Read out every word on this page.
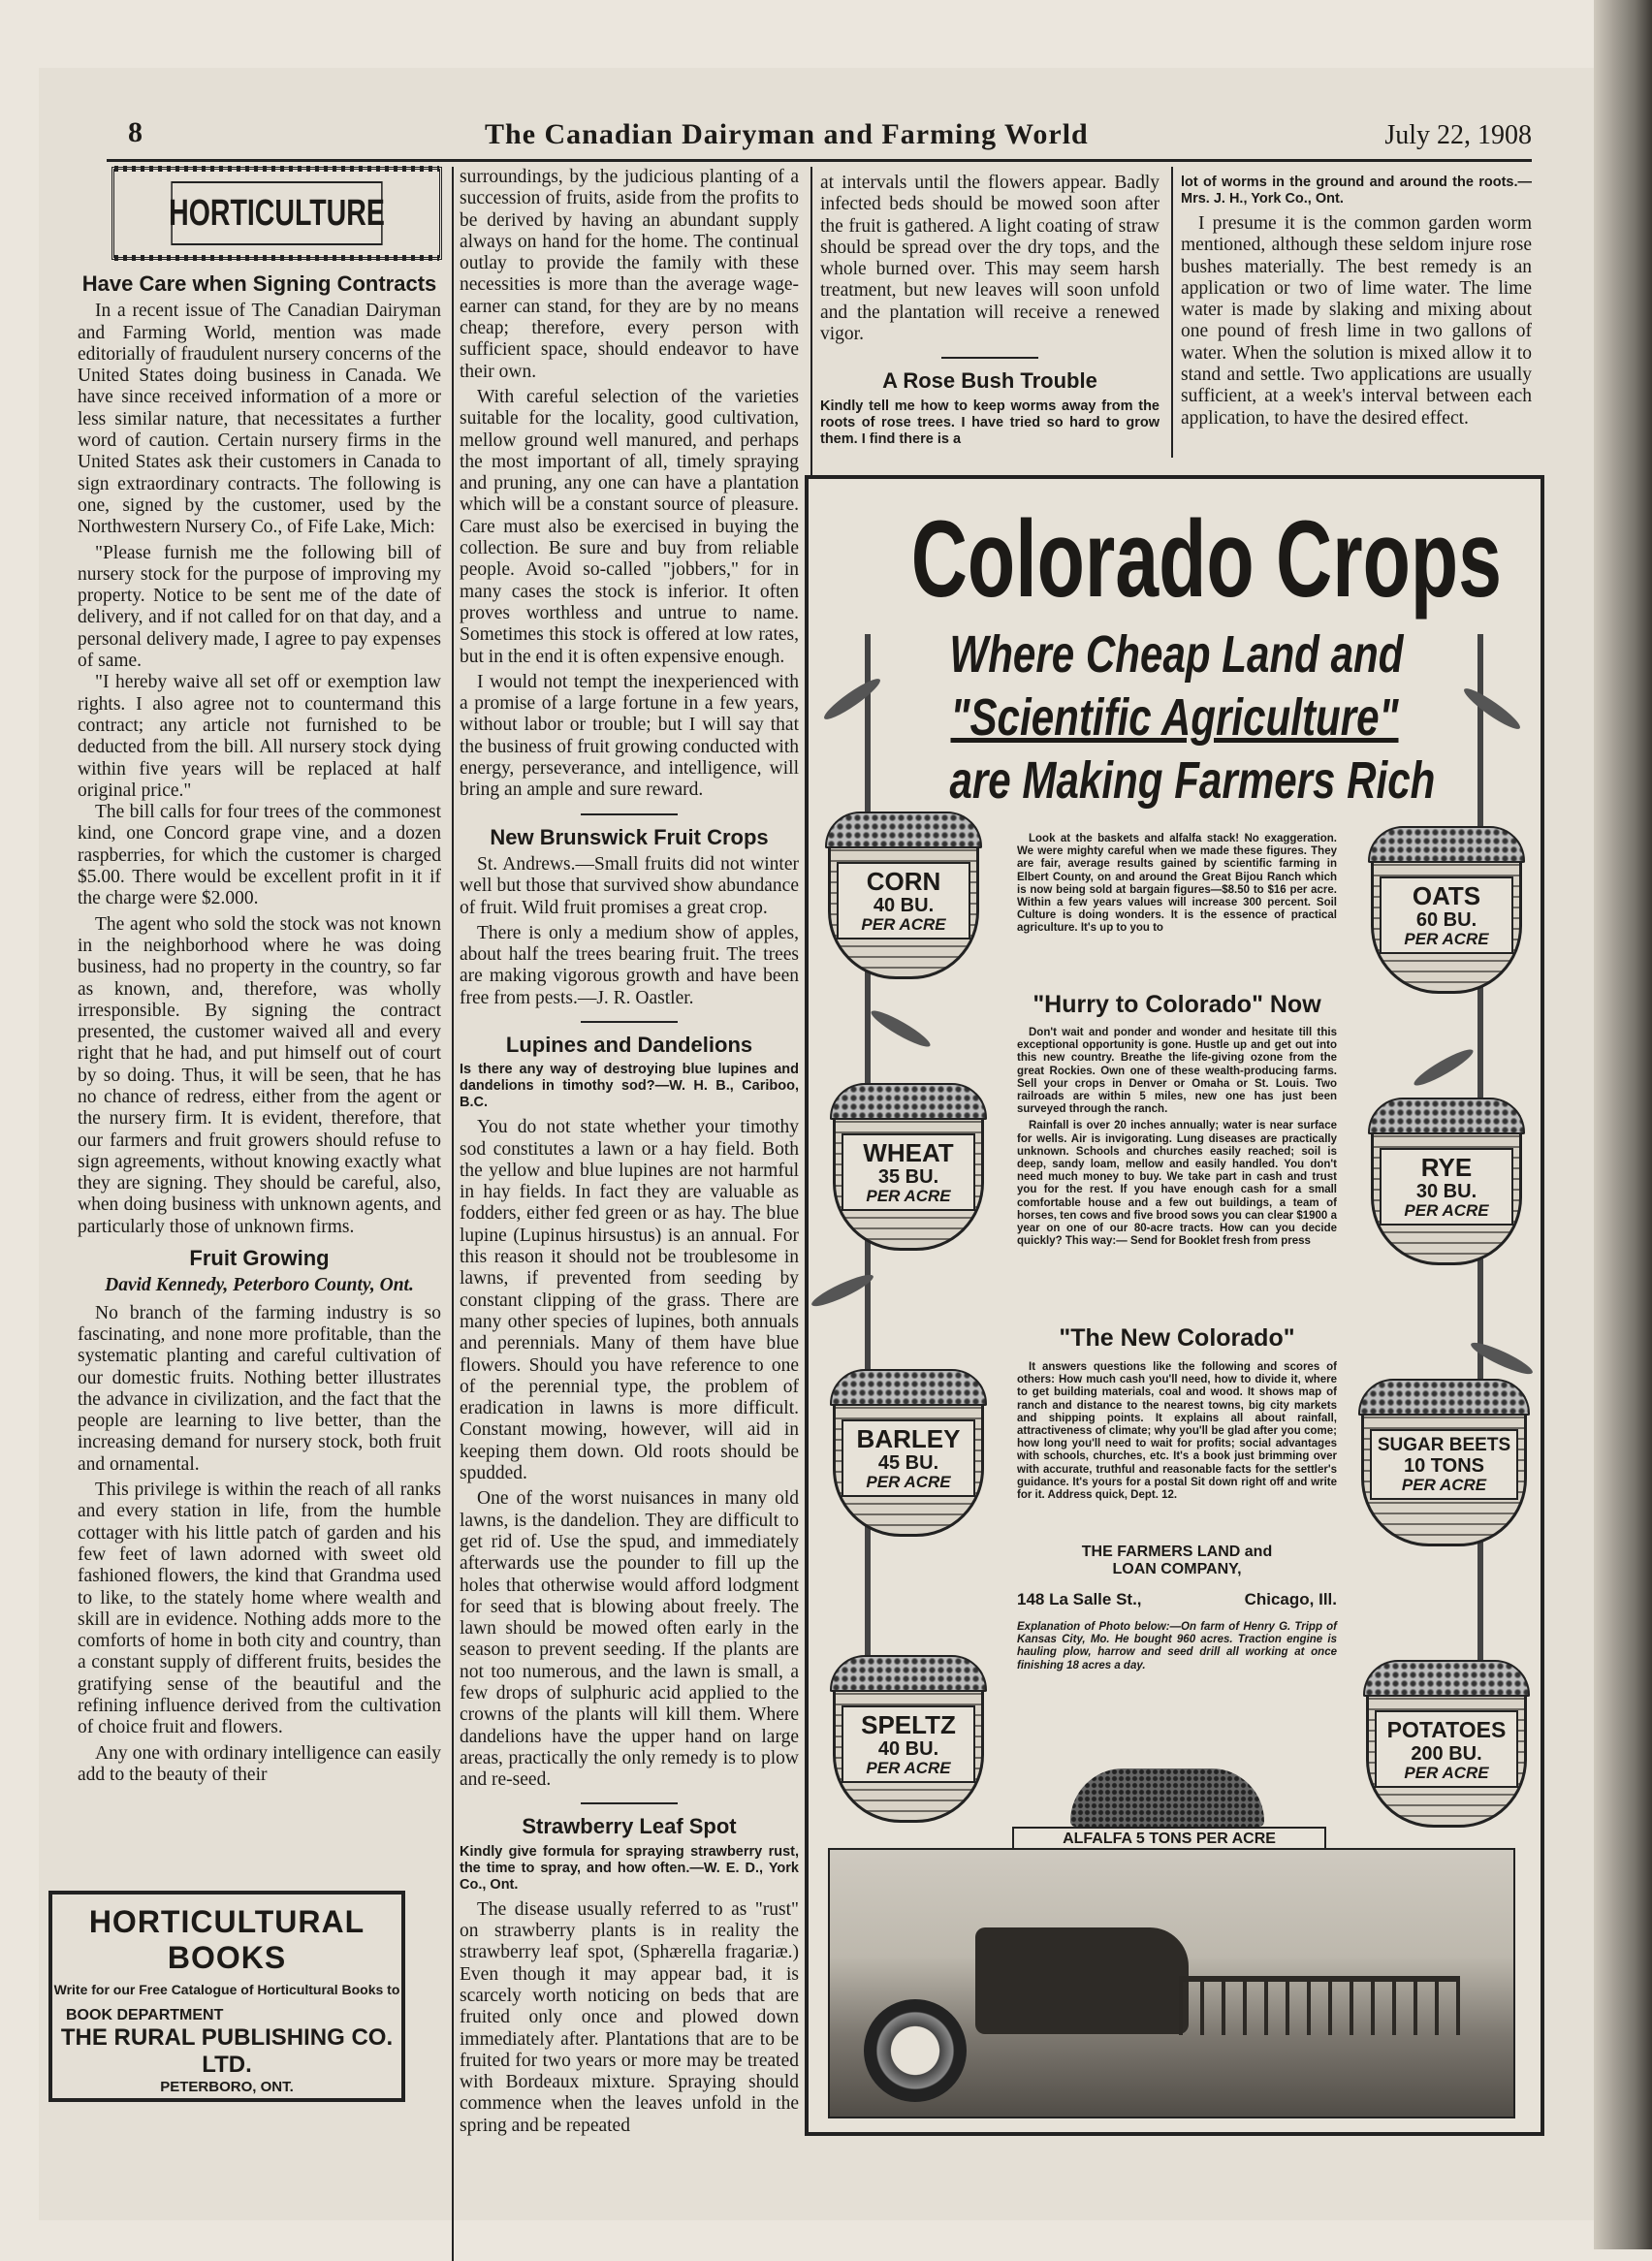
8	The Canadian Dairyman and Farming World	July 22, 1908
HORTICULTURE
Have Care when Signing Contracts

In a recent issue of The Canadian Dairyman and Farming World, mention was made editorially of fraudulent nursery concerns of the United States doing business in Canada. We have since received information of a more or less similar nature, that necessitates a further word of caution. Certain nursery firms in the United States ask their customers in Canada to sign extraordinary contracts. The following is one, signed by the customer, used by the Northwestern Nursery Co., of Fife Lake, Mich:

"Please furnish me the following bill of nursery stock for the purpose of improving my property. Notice to be sent me of the date of delivery, and if not called for on that day, and a personal delivery made, I agree to pay expenses of same.

"I hereby waive all set off or exemption law rights. I also agree not to countermand this contract; any article not furnished to be deducted from the bill. All nursery stock dying within five years will be replaced at half original price."

The bill calls for four trees of the commonest kind, one Concord grape vine, and a dozen raspberries, for which the customer is charged $5.00. There would be excellent profit in it if the charge were $2.000.

The agent who sold the stock was not known in the neighborhood where he was doing business, had no property in the country, so far as known, and, therefore, was wholly irresponsible. By signing the contract presented, the customer waived all and every right that he had, and put himself out of court by so doing. Thus, it will be seen, that he has no chance of redress, either from the agent or the nursery firm. It is evident, therefore, that our farmers and fruit growers should refuse to sign agreements, without knowing exactly what they are signing. They should be careful, also, when doing business with unknown agents, and particularly those of unknown firms.

Fruit Growing

David Kennedy, Peterboro County, Ont.

No branch of the farming industry is so fascinating, and none more profitable, than the systematic planting and careful cultivation of our domestic fruits. Nothing better illustrates the advance in civilization, and the fact that the people are learning to live better, than the increasing demand for nursery stock, both fruit and ornamental.

This privilege is within the reach of all ranks and every station in life, from the humble cottager with his little patch of garden and his few feet of lawn adorned with sweet old fashioned flowers, the kind that Grandma used to like, to the stately home where wealth and skill are in evidence. Nothing adds more to the comforts of home in both city and country, than a constant supply of different fruits, besides the gratifying sense of the beautiful and the refining influence derived from the cultivation of choice fruit and flowers.

Any one with ordinary intelligence can easily add to the beauty of their

HORTICULTURAL BOOKS
Write for our Free Catalogue of Horticultural Books to
BOOK DEPARTMENT
THE RURAL PUBLISHING CO. LTD.
PETERBORO, ONT.

surroundings, by the judicious planting of a succession of fruits, aside from the profits to be derived by having an abundant supply always on hand for the home. The continual outlay to provide the family with these necessities is more than the average wage-earner can stand, for they are by no means cheap; therefore, every person with sufficient space, should endeavor to have their own.

With careful selection of the varieties suitable for the locality, good cultivation, mellow ground well manured, and perhaps the most important of all, timely spraying and pruning, any one can have a plantation which will be a constant source of pleasure. Care must also be exercised in buying the collection. Be sure and buy from reliable people. Avoid so-called "jobbers," for in many cases the stock is inferior. It often proves worthless and untrue to name. Sometimes this stock is offered at low rates, but in the end it is often expensive enough.

I would not tempt the inexperienced with a promise of a large fortune in a few years, without labor or trouble; but I will say that the business of fruit growing conducted with energy, perseverance, and intelligence, will bring an ample and sure reward.

New Brunswick Fruit Crops

St. Andrews.—Small fruits did not winter well but those that survived show abundance of fruit. Wild fruit promises a great crop.

There is only a medium show of apples, about half the trees bearing fruit. The trees are making vigorous growth and have been free from pests.—J. R. Oastler.

Lupines and Dandelions

Is there any way of destroying blue lupines and dandelions in timothy sod?—W. H. B., Cariboo, B.C.

You do not state whether your timothy sod constitutes a lawn or a hay field. Both the yellow and blue lupines are not harmful in hay fields. In fact they are valuable as fodders, either fed green or as hay. The blue lupine (Lupinus hirsustus) is an annual. For this reason it should not be troublesome in lawns, if prevented from seeding by constant clipping of the grass. There are many other species of lupines, both annuals and perennials. Many of them have blue flowers. Should you have reference to one of the perennial type, the problem of eradication in lawns is more difficult. Constant mowing, however, will aid in keeping them down. Old roots should be spudded.

One of the worst nuisances in many old lawns, is the dandelion. They are difficult to get rid of. Use the spud, and immediately afterwards use the pounder to fill up the holes that otherwise would afford lodgment for seed that is blowing about freely. The lawn should be mowed often early in the season to prevent seeding. If the plants are not too numerous, and the lawn is small, a few drops of sulphuric acid applied to the crowns of the plants will kill them. Where dandelions have the upper hand on large areas, practically the only remedy is to plow and re-seed.

Strawberry Leaf Spot

Kindly give formula for spraying strawberry rust, the time to spray, and how often.—W. E. D., York Co., Ont.

The disease usually referred to as "rust" on strawberry plants is in reality the strawberry leaf spot, (Sphærella fragariæ.) Even though it may appear bad, it is scarcely worth noticing on beds that are fruited only once and plowed down immediately after. Plantations that are to be fruited for two years or more may be treated with Bordeaux mixture. Spraying should commence when the leaves unfold in the spring and be repeated

at intervals until the flowers appear. Badly infected beds should be mowed soon after the fruit is gathered. A light coating of straw should be spread over the dry tops, and the whole burned over. This may seem harsh treatment, but new leaves will soon unfold and the plantation will receive a renewed vigor.

A Rose Bush Trouble

Kindly tell me how to keep worms away from the roots of rose trees. I have tried so hard to grow them. I find there is a

lot of worms in the ground and around the roots.—Mrs. J. H., York Co., Ont.

I presume it is the common garden worm mentioned, although these seldom injure rose bushes materially. The best remedy is an application or two of lime water. The lime water is made by slaking and mixing about one pound of fresh lime in two gallons of water. When the solution is mixed allow it to stand and settle. Two applications are usually sufficient, at a week's interval between each application, to have the desired effect.

Colorado Crops
Where Cheap Land and
"Scientific Agriculture"
are Making Farmers Rich
CORN
40 BU.
PER ACRE
OATS
60 BU.
PER ACRE
WHEAT
35 BU.
PER ACRE
RYE
30 BU.
PER ACRE
BARLEY
45 BU.
PER ACRE
SUGAR BEETS
10 TONS
PER ACRE
SPELTZ
40 BU.
PER ACRE
POTATOES
200 BU.
PER ACRE

Look at the baskets and alfalfa stack! No exaggeration. We were mighty careful when we made these figures. They are fair, average results gained by scientific farming in Elbert County, on and around the Great Bijou Ranch which is now being sold at bargain figures—$8.50 to $16 per acre. Within a few years values will increase 300 percent. Soil Culture is doing wonders. It is the essence of practical agriculture. It's up to you to

"Hurry to Colorado" Now

Don't wait and ponder and wonder and hesitate till this exceptional opportunity is gone. Hustle up and get out into this new country. Breathe the life-giving ozone from the great Rockies. Own one of these wealth-producing farms. Sell your crops in Denver or Omaha or St. Louis. Two railroads are within 5 miles, new one has just been surveyed through the ranch.

Rainfall is over 20 inches annually; water is near surface for wells. Air is invigorating. Lung diseases are practically unknown. Schools and churches easily reached; soil is deep, sandy loam, mellow and easily handled. You don't need much money to buy. We take part in cash and trust you for the rest. If you have enough cash for a small comfortable house and a few out buildings, a team of horses, ten cows and five brood sows you can clear $1900 a year on one of our 80-acre tracts. How can you decide quickly? This way:— Send for Booklet fresh from press

"The New Colorado"

It answers questions like the following and scores of others: How much cash you'll need, how to divide it, where to get building materials, coal and wood. It shows map of ranch and distance to the nearest towns, big city markets and shipping points. It explains all about rainfall, attractiveness of climate; why you'll be glad after you come; how long you'll need to wait for profits; social advantages with schools, churches, etc. It's a book just brimming over with accurate, truthful and reasonable facts for the settler's guidance. It's yours for a postal Sit down right off and write for it. Address quick, Dept. 12.

THE FARMERS LAND and
LOAN COMPANY,
148 La Salle St.,	Chicago, Ill.

Explanation of Photo below:—On farm of Henry G. Tripp of Kansas City, Mo. He bought 960 acres. Traction engine is hauling plow, harrow and seed drill all working at once finishing 18 acres a day.

ALFALFA 5 TONS PER ACRE
